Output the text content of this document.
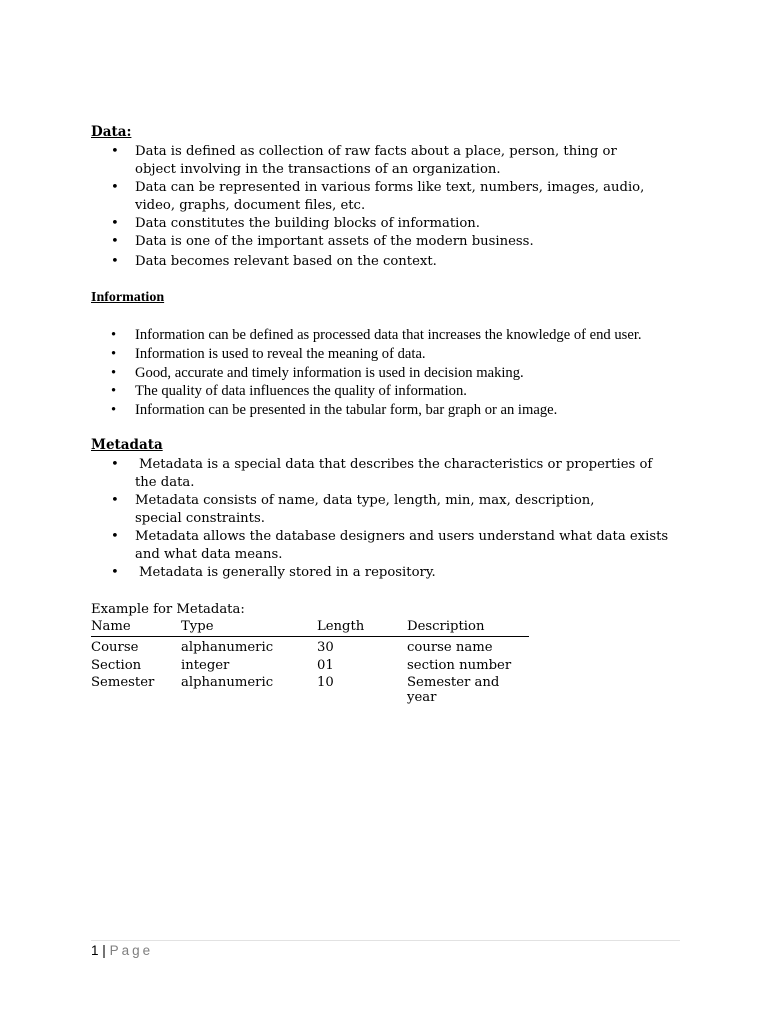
Data:
• Data is defined as collection of raw facts about a place, person, thing or
object involving in the transactions of an organization.
• Data can be represented in various forms like text, numbers, images, audio,
video, graphs, document files, etc.
• Data constitutes the building blocks of information.
• Data is one of the important assets of the modern business.
• Data becomes relevant based on the context.
Information
• Information can be defined as processed data that increases the knowledge of end user.
• Information is used to reveal the meaning of data.
• Good, accurate and timely information is used in decision making.
• The quality of data influences the quality of information.
• Information can be presented in the tabular form, bar graph or an image.
Metadata
• Metadata is a special data that describes the characteristics or properties of
the data.
• Metadata consists of name, data type, length, min, max, description,
special constraints.
• Metadata allows the database designers and users understand what data exists
and what data means.
• Metadata is generally stored in a repository.
Example for Metadata:
Name	Type	Length	Description
Course	alphanumeric	30	course name
Section	integer	01	section number
Semester	alphanumeric	10	Semester and year
1 | Page
